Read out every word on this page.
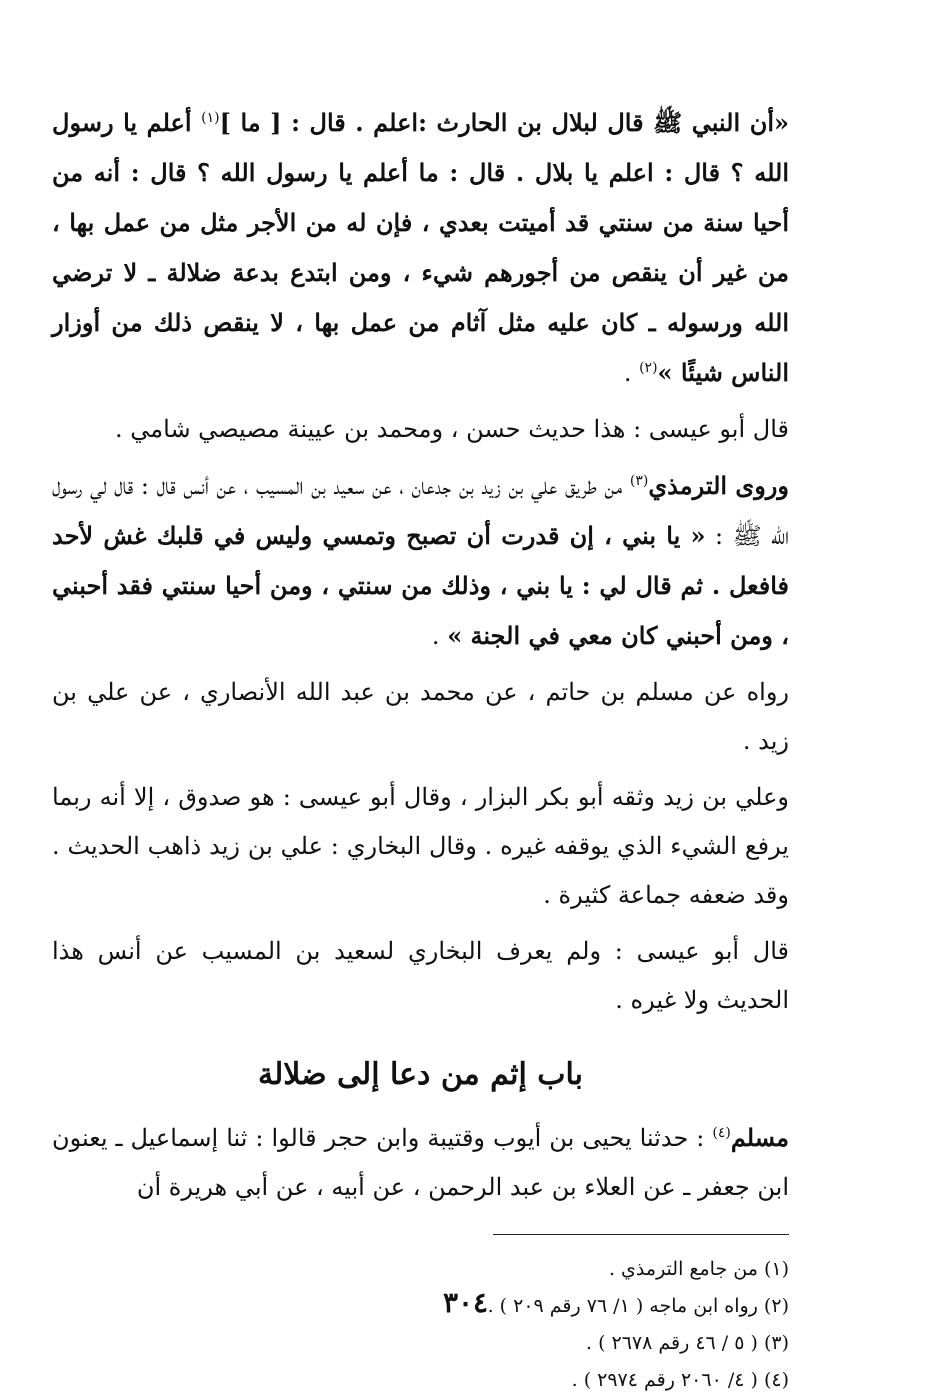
«أن النبي ﷺ قال لبلال بن الحارث :اعلم . قال : [ ما ]$^{(١)}$ أعلم يا رسول الله ؟ قال : اعلم يا بلال . قال : ما أعلم يا رسول الله ؟ قال : أنه من أحيا سنة من سنتي قد أميتت بعدي ، فإن له من الأجر مثل من عمل بها ، من غير أن ينقص من أجورهم شيء ، ومن ابتدع بدعة ضلالة ـ لا ترضي الله ورسوله ـ كان عليه مثل آثام من عمل بها ، لا ينقص ذلك من أوزار الناس شيئًا »$^{(٢)}$ .

قال أبو عيسى : هذا حديث حسن ، ومحمد بن عيينة مصيصي شامي .

وروى الترمذي$^{(٣)}$ من طريق علي بن زيد بن جدعان ، عن سعيد بن المسيب ، عن أنس قال : قال لي رسول الله ﷺ : « يا بني ، إن قدرت أن تصبح وتمسي وليس في قلبك غش لأحد فافعل . ثم قال لي : يا بني ، وذلك من سنتي ، ومن أحيا سنتي فقد أحبني ، ومن أحبني كان معي في الجنة » .

رواه عن مسلم بن حاتم ، عن محمد بن عبد الله الأنصاري ، عن علي بن زيد .

وعلي بن زيد وثقه أبو بكر البزار ، وقال أبو عيسى : هو صدوق ، إلا أنه ربما يرفع الشيء الذي يوقفه غيره . وقال البخاري : علي بن زيد ذاهب الحديث . وقد ضعفه جماعة كثيرة .

قال أبو عيسى : ولم يعرف البخاري لسعيد بن المسيب عن أنس هذا الحديث ولا غيره .

باب إثم من دعا إلى ضلالة

مسلم$^{(٤)}$ : حدثنا يحيى بن أيوب وقتيبة وابن حجر قالوا : ثنا إسماعيل ـ يعنون ابن جعفر ـ عن العلاء بن عبد الرحمن ، عن أبيه ، عن أبي هريرة أن

(١) من جامع الترمذي .

(٢) رواه ابن ماجه ( ١/ ٧٦ رقم ٢٠٩ ) .

(٣) ( ٥ / ٤٦ رقم ٢٦٧٨ ) .

(٤) ( ٤/ ٢٠٦٠ رقم ٢٩٧٤ ) .

٣٠٤
